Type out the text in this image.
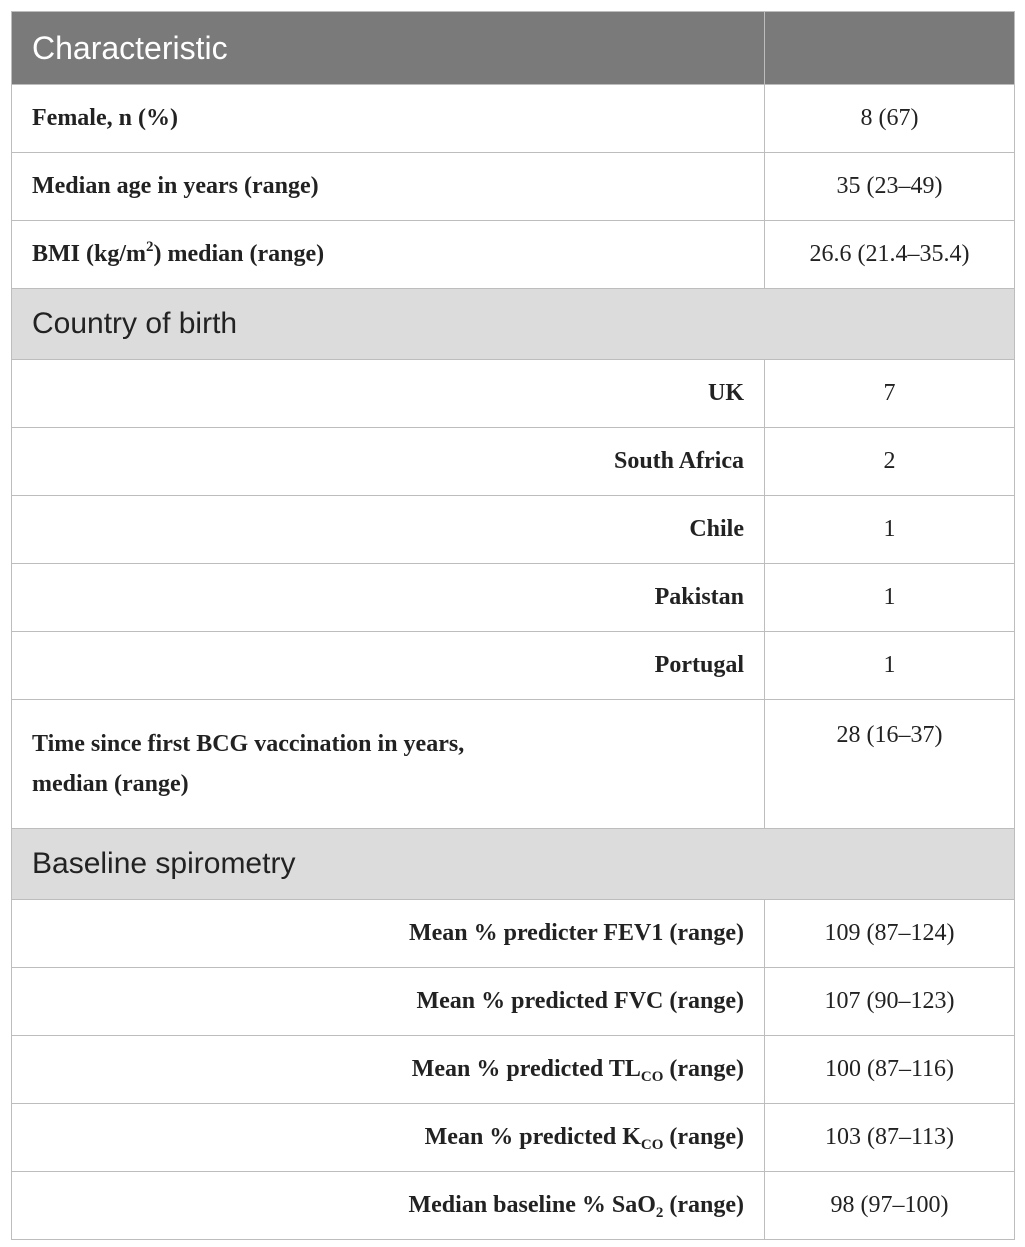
Characteristic	
Female, n (%)	8 (67)
Median age in years (range)	35 (23–49)
BMI $(kg/m^2)$ median (range)	26.6 (21.4–35.4)
Country of birth	
UK	7
South Africa	2
Chile	1
Pakistan	1
Portugal	1
Time since first BCG vaccination in years,
median (range)	28 (16–37)
Baseline spirometry	
Mean % predicter FEV1 (range)	109 (87–124)
Mean % predicted FVC (range)	107 (90–123)
Mean % predicted $TL_{CO}$ (range)	100 (87–116)
Mean % predicted $K_{CO}$ (range)	103 (87–113)
Median baseline % SaO$_2$ (range)	98 (97–100)
